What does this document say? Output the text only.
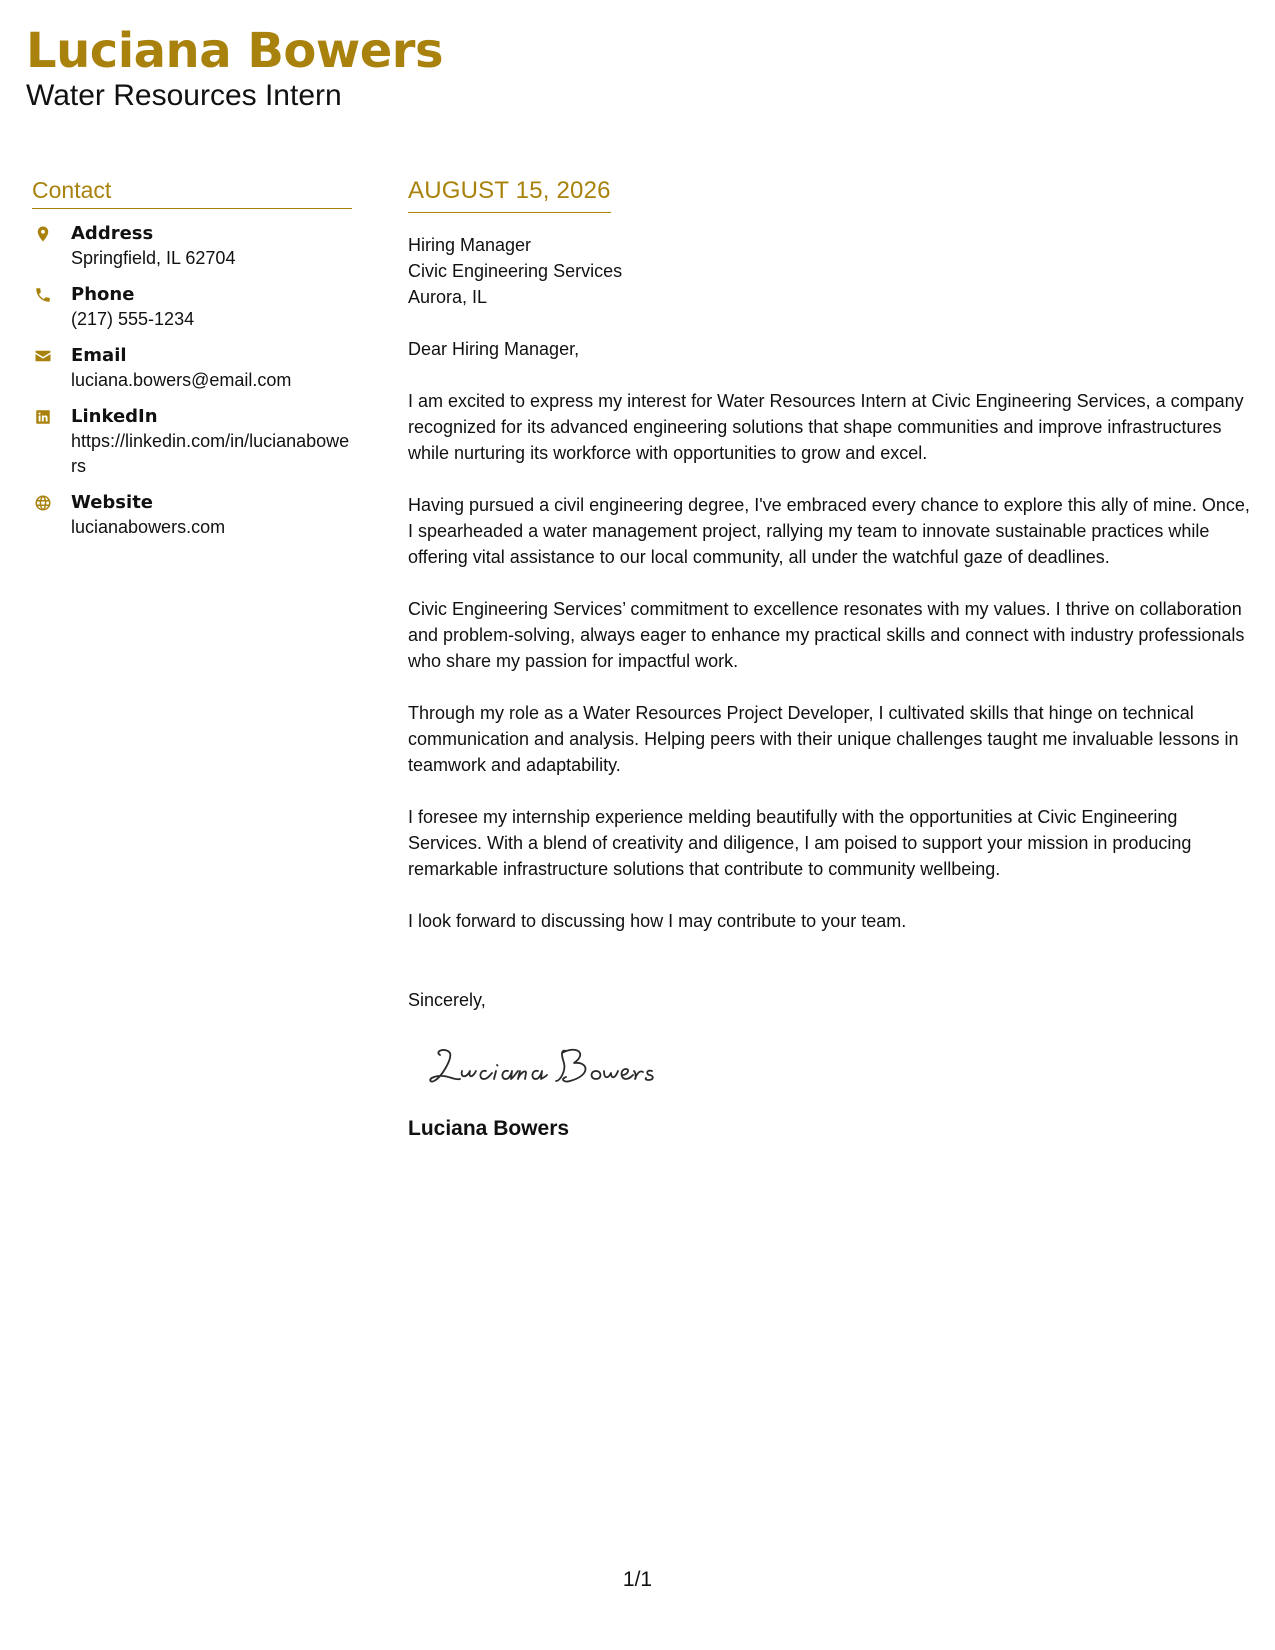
Luciana Bowers
Water Resources Intern
Contact
Address
Springfield, IL 62704
Phone
(217) 555-1234
Email
luciana.bowers@email.com
LinkedIn
https://linkedin.com/in/lucianabowers
Website
lucianabowers.com
AUGUST 15, 2026
Hiring Manager
Civic Engineering Services
Aurora, IL
Dear Hiring Manager,
I am excited to express my interest for Water Resources Intern at Civic Engineering Services, a company recognized for its advanced engineering solutions that shape communities and improve infrastructures while nurturing its workforce with opportunities to grow and excel.
Having pursued a civil engineering degree, I've embraced every chance to explore this ally of mine. Once, I spearheaded a water management project, rallying my team to innovate sustainable practices while offering vital assistance to our local community, all under the watchful gaze of deadlines.
Civic Engineering Services’ commitment to excellence resonates with my values. I thrive on collaboration and problem-solving, always eager to enhance my practical skills and connect with industry professionals who share my passion for impactful work.
Through my role as a Water Resources Project Developer, I cultivated skills that hinge on technical communication and analysis. Helping peers with their unique challenges taught me invaluable lessons in teamwork and adaptability.
I foresee my internship experience melding beautifully with the opportunities at Civic Engineering Services. With a blend of creativity and diligence, I am poised to support your mission in producing remarkable infrastructure solutions that contribute to community wellbeing.
I look forward to discussing how I may contribute to your team.
Sincerely,
Luciana Bowers
1/1
